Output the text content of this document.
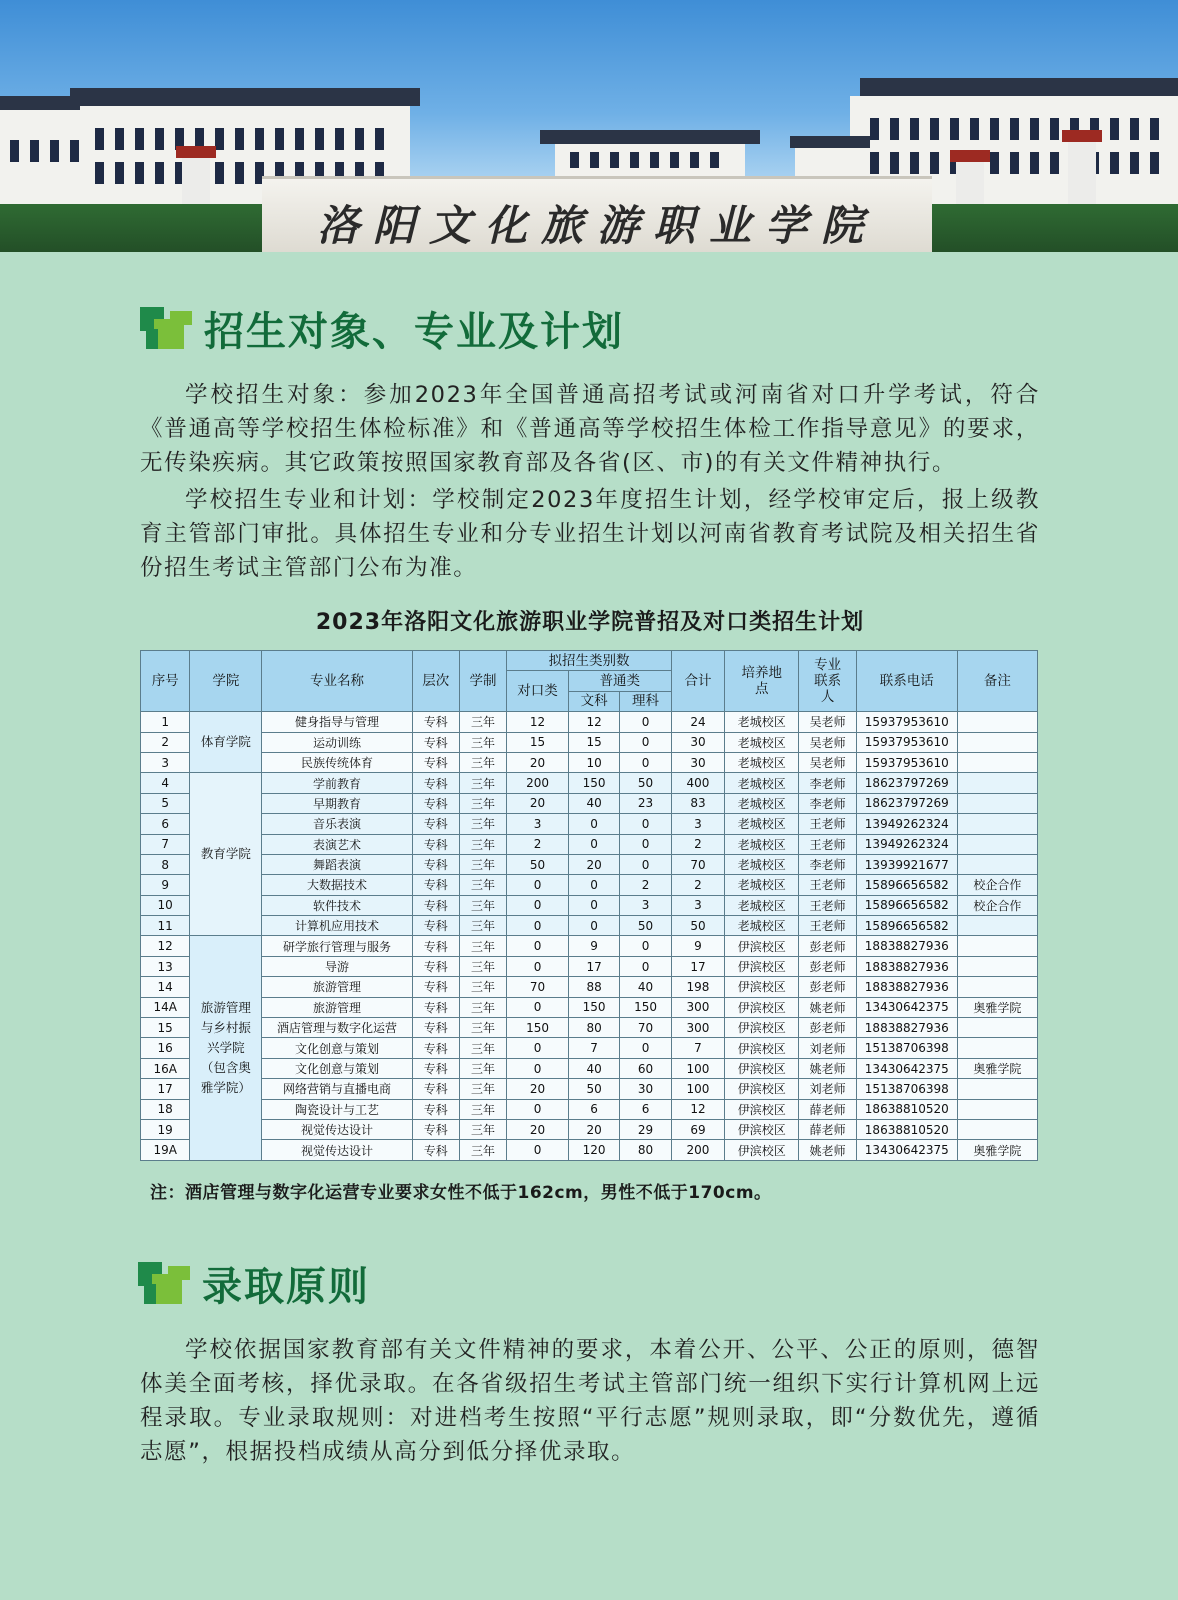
洛阳文化旅游职业学院
招生对象、专业及计划

学校招生对象：参加2023年全国普通高招考试或河南省对口升学考试，符合《普通高等学校招生体检标准》和《普通高等学校招生体检工作指导意见》的要求，无传染疾病。其它政策按照国家教育部及各省(区、市)的有关文件精神执行。

学校招生专业和计划：学校制定2023年度招生计划，经学校审定后，报上级教育主管部门审批。具体招生专业和分专业招生计划以河南省教育考试院及相关招生省份招生考试主管部门公布为准。

2023年洛阳文化旅游职业学院普招及对口类招生计划
序号	学院	专业名称	层次	学制	拟招生类别数			合计	培养地点	专业联系人	联系电话	备注
					对口类	普通类						
						文科	理科					
1	体育学院	健身指导与管理	专科	三年	12	12	0	24	老城校区	吴老师	15937953610	
2		运动训练	专科	三年	15	15	0	30	老城校区	吴老师	15937953610	
3		民族传统体育	专科	三年	20	10	0	30	老城校区	吴老师	15937953610	
4	教育学院	学前教育	专科	三年	200	150	50	400	老城校区	李老师	18623797269	
5		早期教育	专科	三年	20	40	23	83	老城校区	李老师	18623797269	
6		音乐表演	专科	三年	3	0	0	3	老城校区	王老师	13949262324	
7		表演艺术	专科	三年	2	0	0	2	老城校区	王老师	13949262324	
8		舞蹈表演	专科	三年	50	20	0	70	老城校区	李老师	13939921677	
9		大数据技术	专科	三年	0	0	2	2	老城校区	王老师	15896656582	校企合作
10		软件技术	专科	三年	0	0	3	3	老城校区	王老师	15896656582	校企合作
11		计算机应用技术	专科	三年	0	0	50	50	老城校区	王老师	15896656582	
12	旅游管理与乡村振兴学院（包含奥雅学院）	研学旅行管理与服务	专科	三年	0	9	0	9	伊滨校区	彭老师	18838827936	
13		导游	专科	三年	0	17	0	17	伊滨校区	彭老师	18838827936	
14		旅游管理	专科	三年	70	88	40	198	伊滨校区	彭老师	18838827936	
14A		旅游管理	专科	三年	0	150	150	300	伊滨校区	姚老师	13430642375	奥雅学院
15		酒店管理与数字化运营	专科	三年	150	80	70	300	伊滨校区	彭老师	18838827936	
16		文化创意与策划	专科	三年	0	7	0	7	伊滨校区	刘老师	15138706398	
16A		文化创意与策划	专科	三年	0	40	60	100	伊滨校区	姚老师	13430642375	奥雅学院
17		网络营销与直播电商	专科	三年	20	50	30	100	伊滨校区	刘老师	15138706398	
18		陶瓷设计与工艺	专科	三年	0	6	6	12	伊滨校区	薛老师	18638810520	
19		视觉传达设计	专科	三年	20	20	29	69	伊滨校区	薛老师	18638810520	
19A		视觉传达设计	专科	三年	0	120	80	200	伊滨校区	姚老师	13430642375	奥雅学院
注：酒店管理与数字化运营专业要求女性不低于162cm，男性不低于170cm。
录取原则

学校依据国家教育部有关文件精神的要求，本着公开、公平、公正的原则，德智体美全面考核，择优录取。在各省级招生考试主管部门统一组织下实行计算机网上远程录取。专业录取规则：对进档考生按照“平行志愿”规则录取，即“分数优先，遵循志愿”，根据投档成绩从高分到低分择优录取。
